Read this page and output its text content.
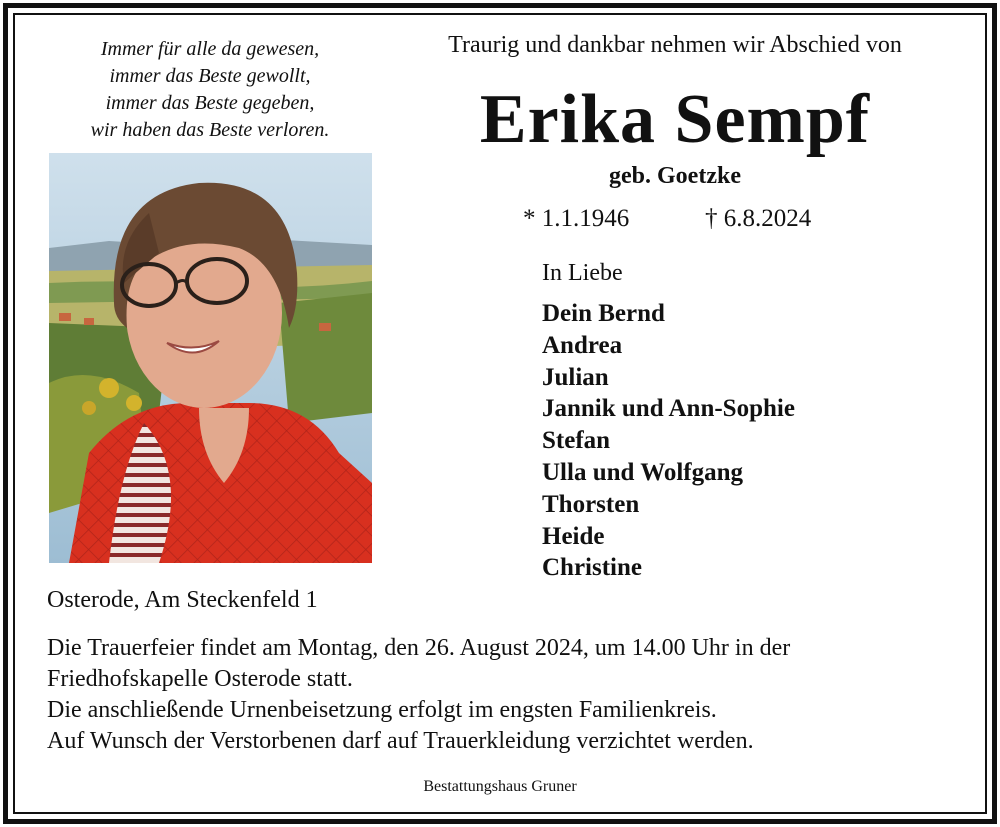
Immer für alle da gewesen,
immer das Beste gewollt,
immer das Beste gegeben,
wir haben das Beste verloren.
Traurig und dankbar nehmen wir Abschied von
Erika Sempf
geb. Goetzke
* 1.1.1946	† 6.8.2024
In Liebe
Dein Bernd
Andrea
Julian
Jannik und Ann-Sophie
Stefan
Ulla und Wolfgang
Thorsten
Heide
Christine
Osterode, Am Steckenfeld 1
Die Trauerfeier findet am Montag, den 26. August 2024, um 14.00 Uhr in der
Friedhofskapelle Osterode statt.
Die anschließende Urnenbeisetzung erfolgt im engsten Familienkreis.
Auf Wunsch der Verstorbenen darf auf Trauerkleidung verzichtet werden.
Bestattungshaus Gruner
